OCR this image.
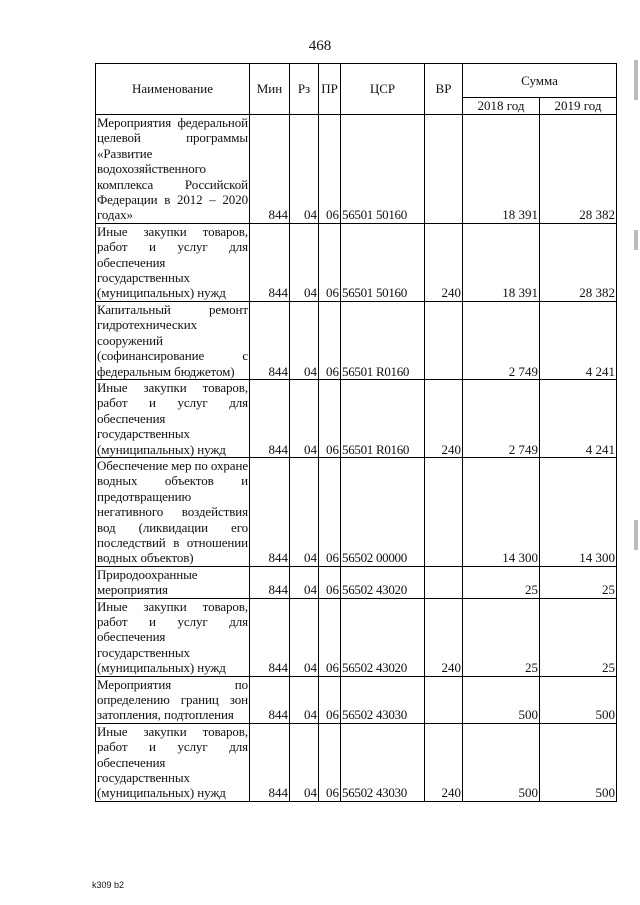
468
Наименование	Мин	Рз	ПР	ЦСР	ВР	Сумма	
						2018 год	2019 год
Мероприятия федеральной целевой программы «Развитие водохозяйственного комплекса Российской Федерации в 2012 – 2020 годах»	844	04	06	56501 50160		18 391	28 382
Иные закупки товаров, работ и услуг для обеспечения государственных (муниципальных) нужд	844	04	06	56501 50160	240	18 391	28 382
Капитальный ремонт гидротехнических сооружений (софинансирование с федеральным бюджетом)	844	04	06	56501 R0160		2 749	4 241
Иные закупки товаров, работ и услуг для обеспечения государственных (муниципальных) нужд	844	04	06	56501 R0160	240	2 749	4 241
Обеспечение мер по охране водных объектов и предотвращению негативного воздействия вод (ликвидации его последствий в отношении водных объектов)	844	04	06	56502 00000		14 300	14 300
Природоохранные мероприятия	844	04	06	56502 43020		25	25
Иные закупки товаров, работ и услуг для обеспечения государственных (муниципальных) нужд	844	04	06	56502 43020	240	25	25
Мероприятия по определению границ зон затопления, подтопления	844	04	06	56502 43030		500	500
Иные закупки товаров, работ и услуг для обеспечения государственных (муниципальных) нужд	844	04	06	56502 43030	240	500	500
k309 b2
